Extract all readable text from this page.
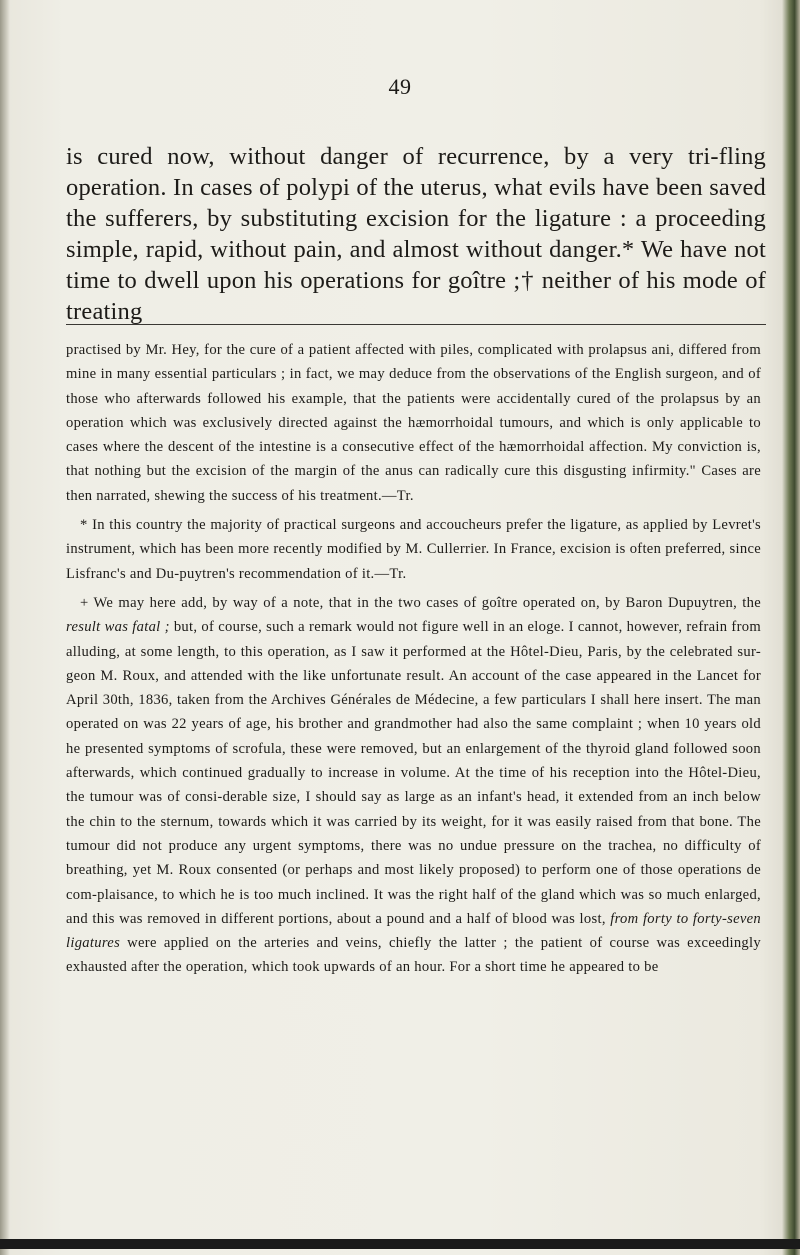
49

is cured now, without danger of recurrence, by a very tri-fling operation. In cases of polypi of the uterus, what evils have been saved the sufferers, by substituting excision for the ligature : a proceeding simple, rapid, without pain, and almost without danger.* We have not time to dwell upon his operations for goître ;† neither of his mode of treating

practised by Mr. Hey, for the cure of a patient affected with piles, complicated with prolapsus ani, differed from mine in many essential particulars ; in fact, we may deduce from the observations of the English surgeon, and of those who afterwards followed his example, that the patients were accidentally cured of the prolapsus by an operation which was exclusively directed against the hæmorrhoidal tumours, and which is only applicable to cases where the descent of the intestine is a consecutive effect of the hæmorrhoidal affection. My conviction is, that nothing but the excision of the margin of the anus can radically cure this disgusting infirmity." Cases are then narrated, shewing the success of his treatment.—Tr.

* In this country the majority of practical surgeons and accoucheurs prefer the ligature, as applied by Levret's instrument, which has been more recently modified by M. Cullerrier. In France, excision is often preferred, since Lisfranc's and Du-puytren's recommendation of it.—Tr.

+ We may here add, by way of a note, that in the two cases of goître operated on, by Baron Dupuytren, the result was fatal ; but, of course, such a remark would not figure well in an eloge. I cannot, however, refrain from alluding, at some length, to this operation, as I saw it performed at the Hôtel-Dieu, Paris, by the celebrated sur-geon M. Roux, and attended with the like unfortunate result. An account of the case appeared in the Lancet for April 30th, 1836, taken from the Archives Générales de Médecine, a few particulars I shall here insert. The man operated on was 22 years of age, his brother and grandmother had also the same complaint ; when 10 years old he presented symptoms of scrofula, these were removed, but an enlargement of the thyroid gland followed soon afterwards, which continued gradually to increase in volume. At the time of his reception into the Hôtel-Dieu, the tumour was of consi-derable size, I should say as large as an infant's head, it extended from an inch below the chin to the sternum, towards which it was carried by its weight, for it was easily raised from that bone. The tumour did not produce any urgent symptoms, there was no undue pressure on the trachea, no difficulty of breathing, yet M. Roux consented (or perhaps and most likely proposed) to perform one of those operations de com-plaisance, to which he is too much inclined. It was the right half of the gland which was so much enlarged, and this was removed in different portions, about a pound and a half of blood was lost, from forty to forty-seven ligatures were applied on the arteries and veins, chiefly the latter ; the patient of course was exceedingly exhausted after the operation, which took upwards of an hour. For a short time he appeared to be
